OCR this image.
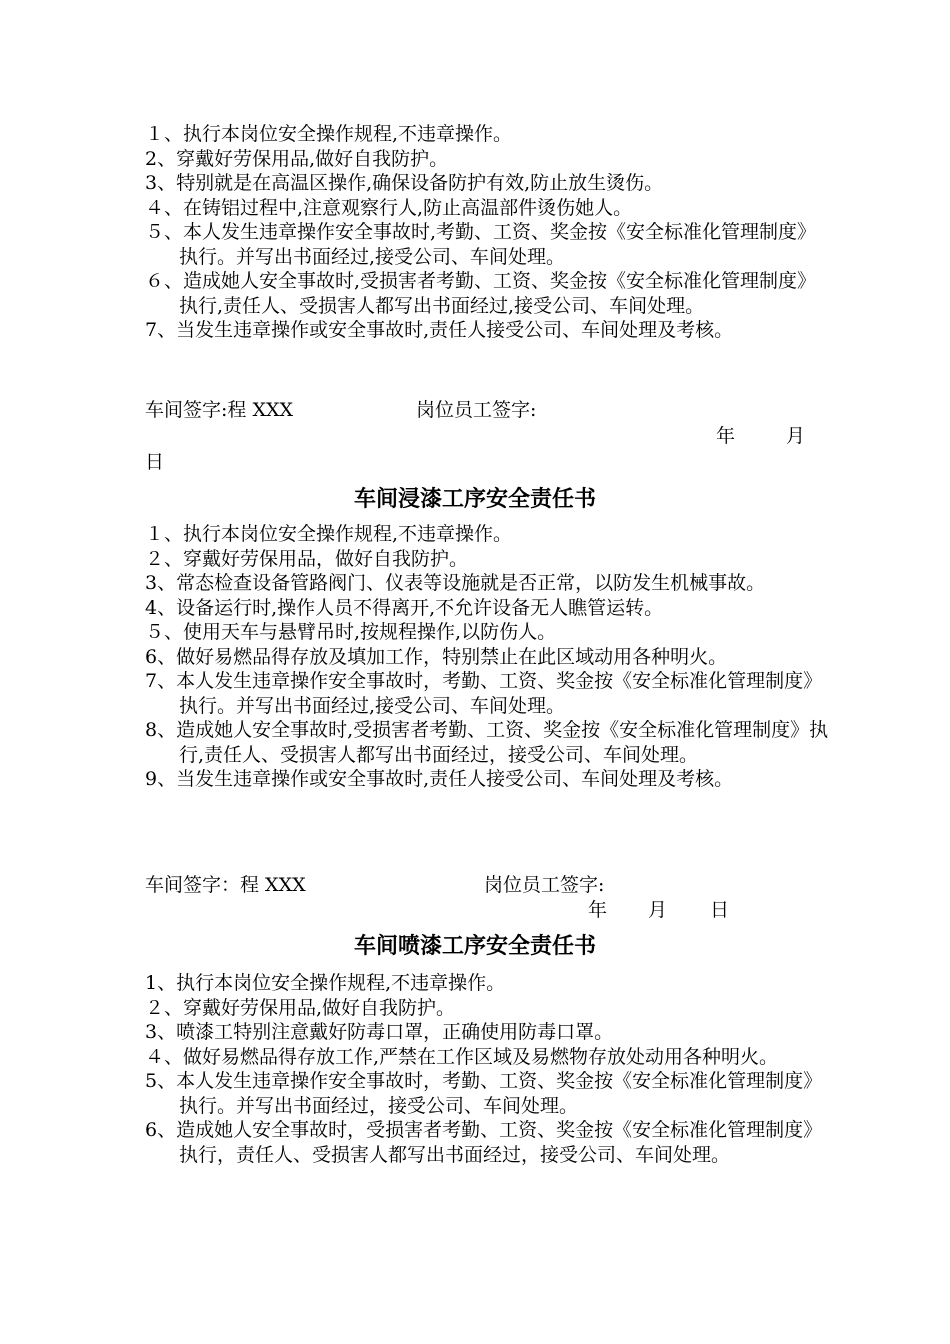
１、执行本岗位安全操作规程,不违章操作。
2、穿戴好劳保用品,做好自我防护。
3、特别就是在高温区操作,确保设备防护有效,防止放生烫伤。
４、在铸铝过程中,注意观察行人,防止高温部件烫伤她人。
５、本人发生违章操作安全事故时,考勤、工资、奖金按《安全标准化管理制度》执行。并写出书面经过,接受公司、车间处理。
６、造成她人安全事故时,受损害者考勤、工资、奖金按《安全标准化管理制度》执行,责任人、受损害人都写出书面经过,接受公司、车间处理。
7、当发生违章操作或安全事故时,责任人接受公司、车间处理及考核。
车间签字:程 XXX	岗位员工签字:
年	月
日
车间浸漆工序安全责任书
１、执行本岗位安全操作规程,不违章操作。
２、穿戴好劳保用品，做好自我防护。
3、常态检查设备管路阀门、仪表等设施就是否正常，以防发生机械事故。
4、设备运行时,操作人员不得离开,不允许设备无人瞧管运转。
５、使用天车与悬臂吊时,按规程操作,以防伤人。
6、做好易燃品得存放及填加工作，特别禁止在此区域动用各种明火。
7、本人发生违章操作安全事故时，考勤、工资、奖金按《安全标准化管理制度》执行。并写出书面经过,接受公司、车间处理。
8、造成她人安全事故时,受损害者考勤、工资、奖金按《安全标准化管理制度》执行,责任人、受损害人都写出书面经过，接受公司、车间处理。
9、当发生违章操作或安全事故时,责任人接受公司、车间处理及考核。
车间签字：程 XXX	岗位员工签字:
年 月 日
车间喷漆工序安全责任书
1、执行本岗位安全操作规程,不违章操作。
２、穿戴好劳保用品,做好自我防护。
3、喷漆工特别注意戴好防毒口罩，正确使用防毒口罩。
４、做好易燃品得存放工作,严禁在工作区域及易燃物存放处动用各种明火。
5、本人发生违章操作安全事故时，考勤、工资、奖金按《安全标准化管理制度》执行。并写出书面经过，接受公司、车间处理。
6、造成她人安全事故时，受损害者考勤、工资、奖金按《安全标准化管理制度》执行，责任人、受损害人都写出书面经过，接受公司、车间处理。
